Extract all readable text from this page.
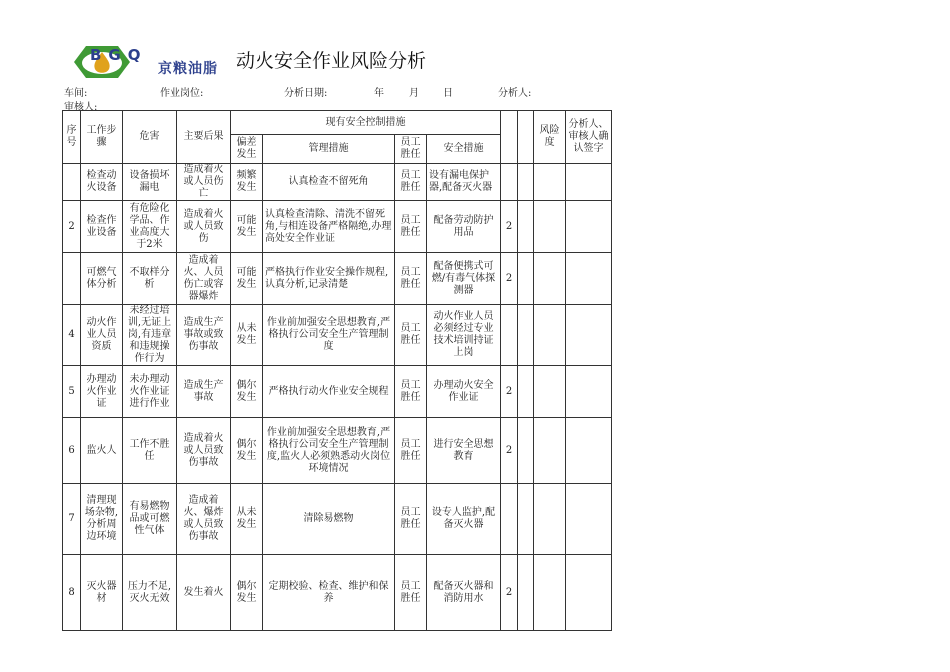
BGQ
京粮油脂 动火安全作业风险分析
车间:	作业岗位:	分析日期:	年	月 日	分析人:
审核人:
序号	工作步骤	危害	主要后果	现有安全控制措施						风险度	分析人、审核人确认签字
				偏差发生	管理措施	员工胜任	安全措施				
	检查动火设备	设备损坏漏电	造成着火或人员伤亡	频繁发生	认真检查不留死角	员工胜任	设有漏电保护器,配备灭火器				
2	检查作业设备	有危险化学品、作业高度大于2米	造成着火或人员致伤	可能发生	认真检查清除、清洗不留死角,与相连设备严格隔绝,办理高处安全作业证	员工胜任	配备劳动防护用品	2			
	可燃气体分析	不取样分析	造成着火、人员伤亡或容器爆炸	可能发生	严格执行作业安全操作规程,认真分析,记录清楚	员工胜任	配备便携式可燃/有毒气体探测器	2			
4	动火作业人员资质	未经过培训,无证上岗,有违章和违规操作行为	造成生产事故或致伤事故	从未发生	作业前加强安全思想教育,严格执行公司安全生产管理制度	员工胜任	动火作业人员必须经过专业技术培训持证上岗				
5	办理动火作业证	未办理动火作业证进行作业	造成生产事故	偶尔发生	严格执行动火作业安全规程	员工胜任	办理动火安全作业证	2			
6	监火人	工作不胜任	造成着火或人员致伤事故	偶尔发生	作业前加强安全思想教育,严格执行公司安全生产管理制度,监火人必须熟悉动火岗位环境情况	员工胜任	进行安全思想教育	2			
7	清理现场杂物,分析周边环境	有易燃物品或可燃性气体	造成着火、爆炸或人员致伤事故	从未发生	清除易燃物	员工胜任	设专人监护,配备灭火器				
8	灭火器材	压力不足,灭火无效	发生着火	偶尔发生	定期校验、检查、维护和保养	员工胜任	配备灭火器和消防用水	2			
